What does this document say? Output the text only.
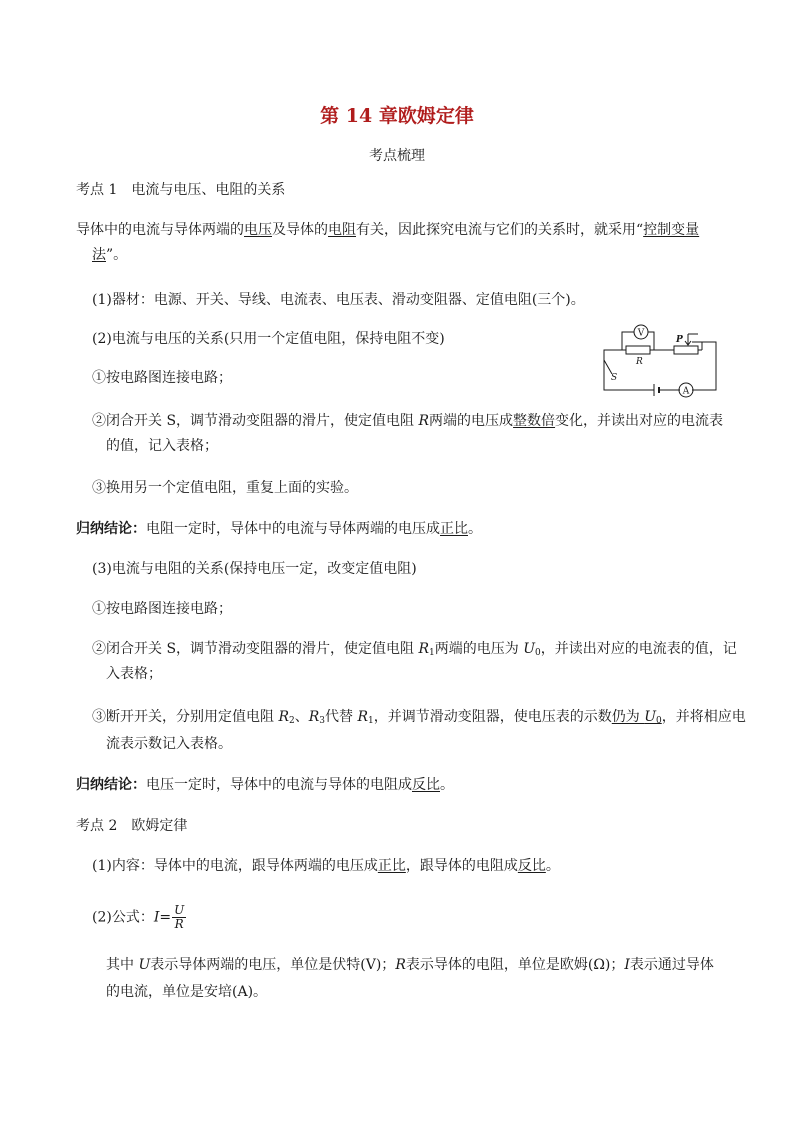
第 14 章欧姆定律
考点梳理
考点 1　电流与电压、电阻的关系
导体中的电流与导体两端的电压及导体的电阻有关，因此探究电流与它们的关系时，就采用“控制变量
法”。
(1)器材：电源、开关、导线、电流表、电压表、滑动变阻器、定值电阻(三个)。
(2)电流与电压的关系(只用一个定值电阻，保持电阻不变)
①按电路图连接电路；
②闭合开关 S，调节滑动变阻器的滑片，使定值电阻 R两端的电压成整数倍变化，并读出对应的电流表
的值，记入表格；
③换用另一个定值电阻，重复上面的实验。
归纳结论：电阻一定时，导体中的电流与导体两端的电压成正比。
(3)电流与电阻的关系(保持电压一定，改变定值电阻)
①按电路图连接电路；
②闭合开关 S，调节滑动变阻器的滑片，使定值电阻 $R_1$两端的电压为 $U_0$，并读出对应的电流表的值，记
入表格；
③断开开关，分别用定值电阻 $R_2$、$R_3$代替 $R_1$，并调节滑动变阻器，使电压表的示数仍为 $U_0$，并将相应电
流表示数记入表格。
归纳结论：电压一定时，导体中的电流与导体的电阻成反比。
考点 2　欧姆定律
(1)内容：导体中的电流，跟导体两端的电压成正比，跟导体的电阻成反比。
(2)公式：$I= \frac{U}{R}$
其中 U表示导体两端的电压，单位是伏特(V)；R表示导体的电阻，单位是欧姆(Ω)；I表示通过导体
的电流，单位是安培(A)。
V
A
R
P
S
